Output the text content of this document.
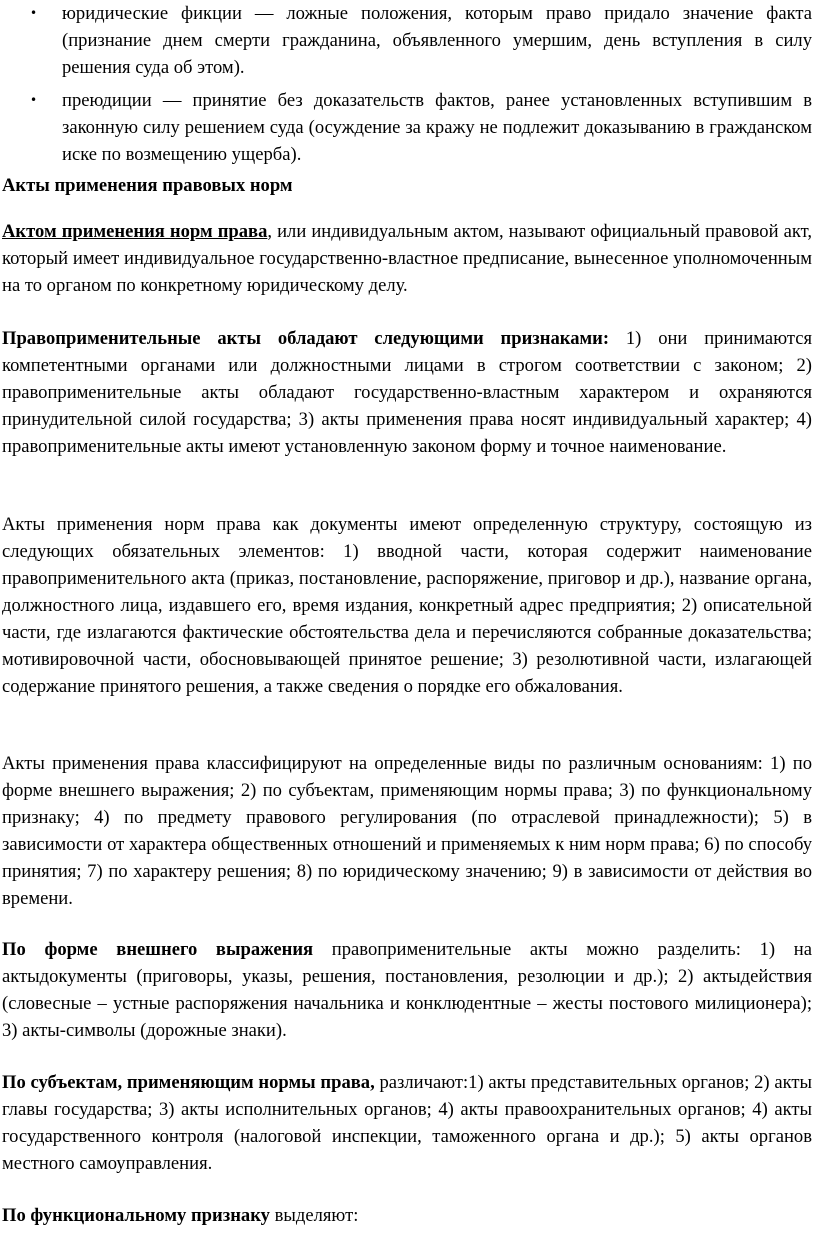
• юридические фикции — ложные положения, которым право придало значение факта (признание днем смерти гражданина, объявленного умершим, день вступления в силу решения суда об этом).
• преюдиции — принятие без доказательств фактов, ранее установленных вступившим в законную силу решением суда (осуждение за кражу не подлежит доказыванию в гражданском иске по возмещению ущерба).
Акты применения правовых норм

Актом применения норм права, или индивидуальным актом, называют официальный правовой акт, который имеет индивидуальное государственно-властное предписание, вынесенное уполномоченным на то органом по конкретному юридическому делу.

Правоприменительные акты обладают следующими признаками: 1) они принимаются компетентными органами или должностными лицами в строгом соответствии с законом; 2) правоприменительные акты обладают государственно-властным характером и охраняются принудительной силой государства; 3) акты применения права носят индивидуальный характер; 4) правоприменительные акты имеют установленную законом форму и точное наименование.

Акты применения норм права как документы имеют определенную структуру, состоящую из следующих обязательных элементов: 1) вводной части, которая содержит наименование правоприменительного акта (приказ, постановление, распоряжение, приговор и др.), название органа, должностного лица, издавшего его, время издания, конкретный адрес предприятия; 2) описательной части, где излагаются фактические обстоятельства дела и перечисляются собранные доказательства; мотивировочной части, обосновывающей принятое решение; 3) резолютивной части, излагающей содержание принятого решения, а также сведения о порядке его обжалования.

Акты применения права классифицируют на определенные виды по различным основаниям: 1) по форме внешнего выражения; 2) по субъектам, применяющим нормы права; 3) по функциональному признаку; 4) по предмету правового регулирования (по отраслевой принадлежности); 5) в зависимости от характера общественных отношений и применяемых к ним норм права; 6) по способу принятия; 7) по характеру решения; 8) по юридическому значению; 9) в зависимости от действия во времени.

По форме внешнего выражения правоприменительные акты можно разделить: 1) на актыдокументы (приговоры, указы, решения, постановления, резолюции и др.); 2) актыдействия (словесные – устные распоряжения начальника и конклюдентные – жесты постового милиционера); 3) акты-символы (дорожные знаки).

По субъектам, применяющим нормы права, различают:1) акты представительных органов; 2) акты главы государства; 3) акты исполнительных органов; 4) акты правоохранительных органов; 4) акты государственного контроля (налоговой инспекции, таможенного органа и др.); 5) акты органов местного самоуправления.

По функциональному признаку выделяют:
